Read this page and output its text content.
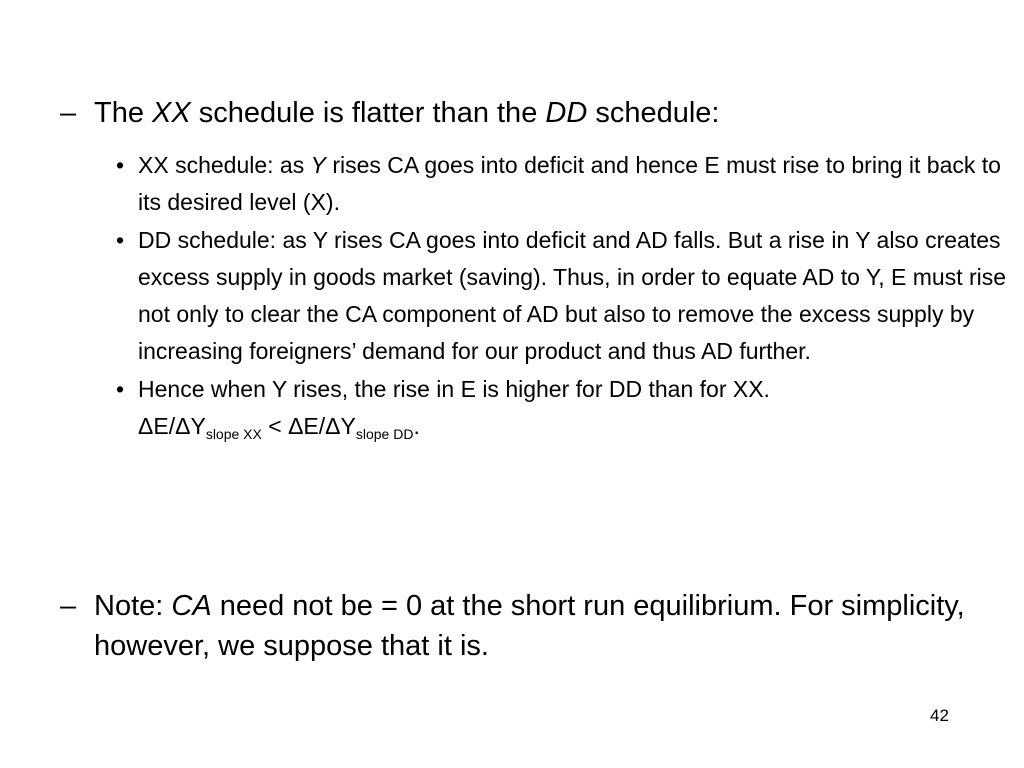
– The XX schedule is flatter than the DD schedule:
• XX schedule: as Y rises CA goes into deficit and hence E must rise to bring it back to its desired level (X).
• DD schedule: as Y rises CA goes into deficit and AD falls. But a rise in Y also creates excess supply in goods market (saving). Thus, in order to equate AD to Y, E must rise not only to clear the CA component of AD but also to remove the excess supply by increasing foreigners’ demand for our product and thus AD further.
• Hence when Y rises, the rise in E is higher for DD than for XX.
$\Delta E/\Delta Y_{slope XX} < \Delta E/\Delta Y_{slope DD}$.
– Note: CA need not be = 0 at the short run equilibrium. For simplicity, however, we suppose that it is.
42
